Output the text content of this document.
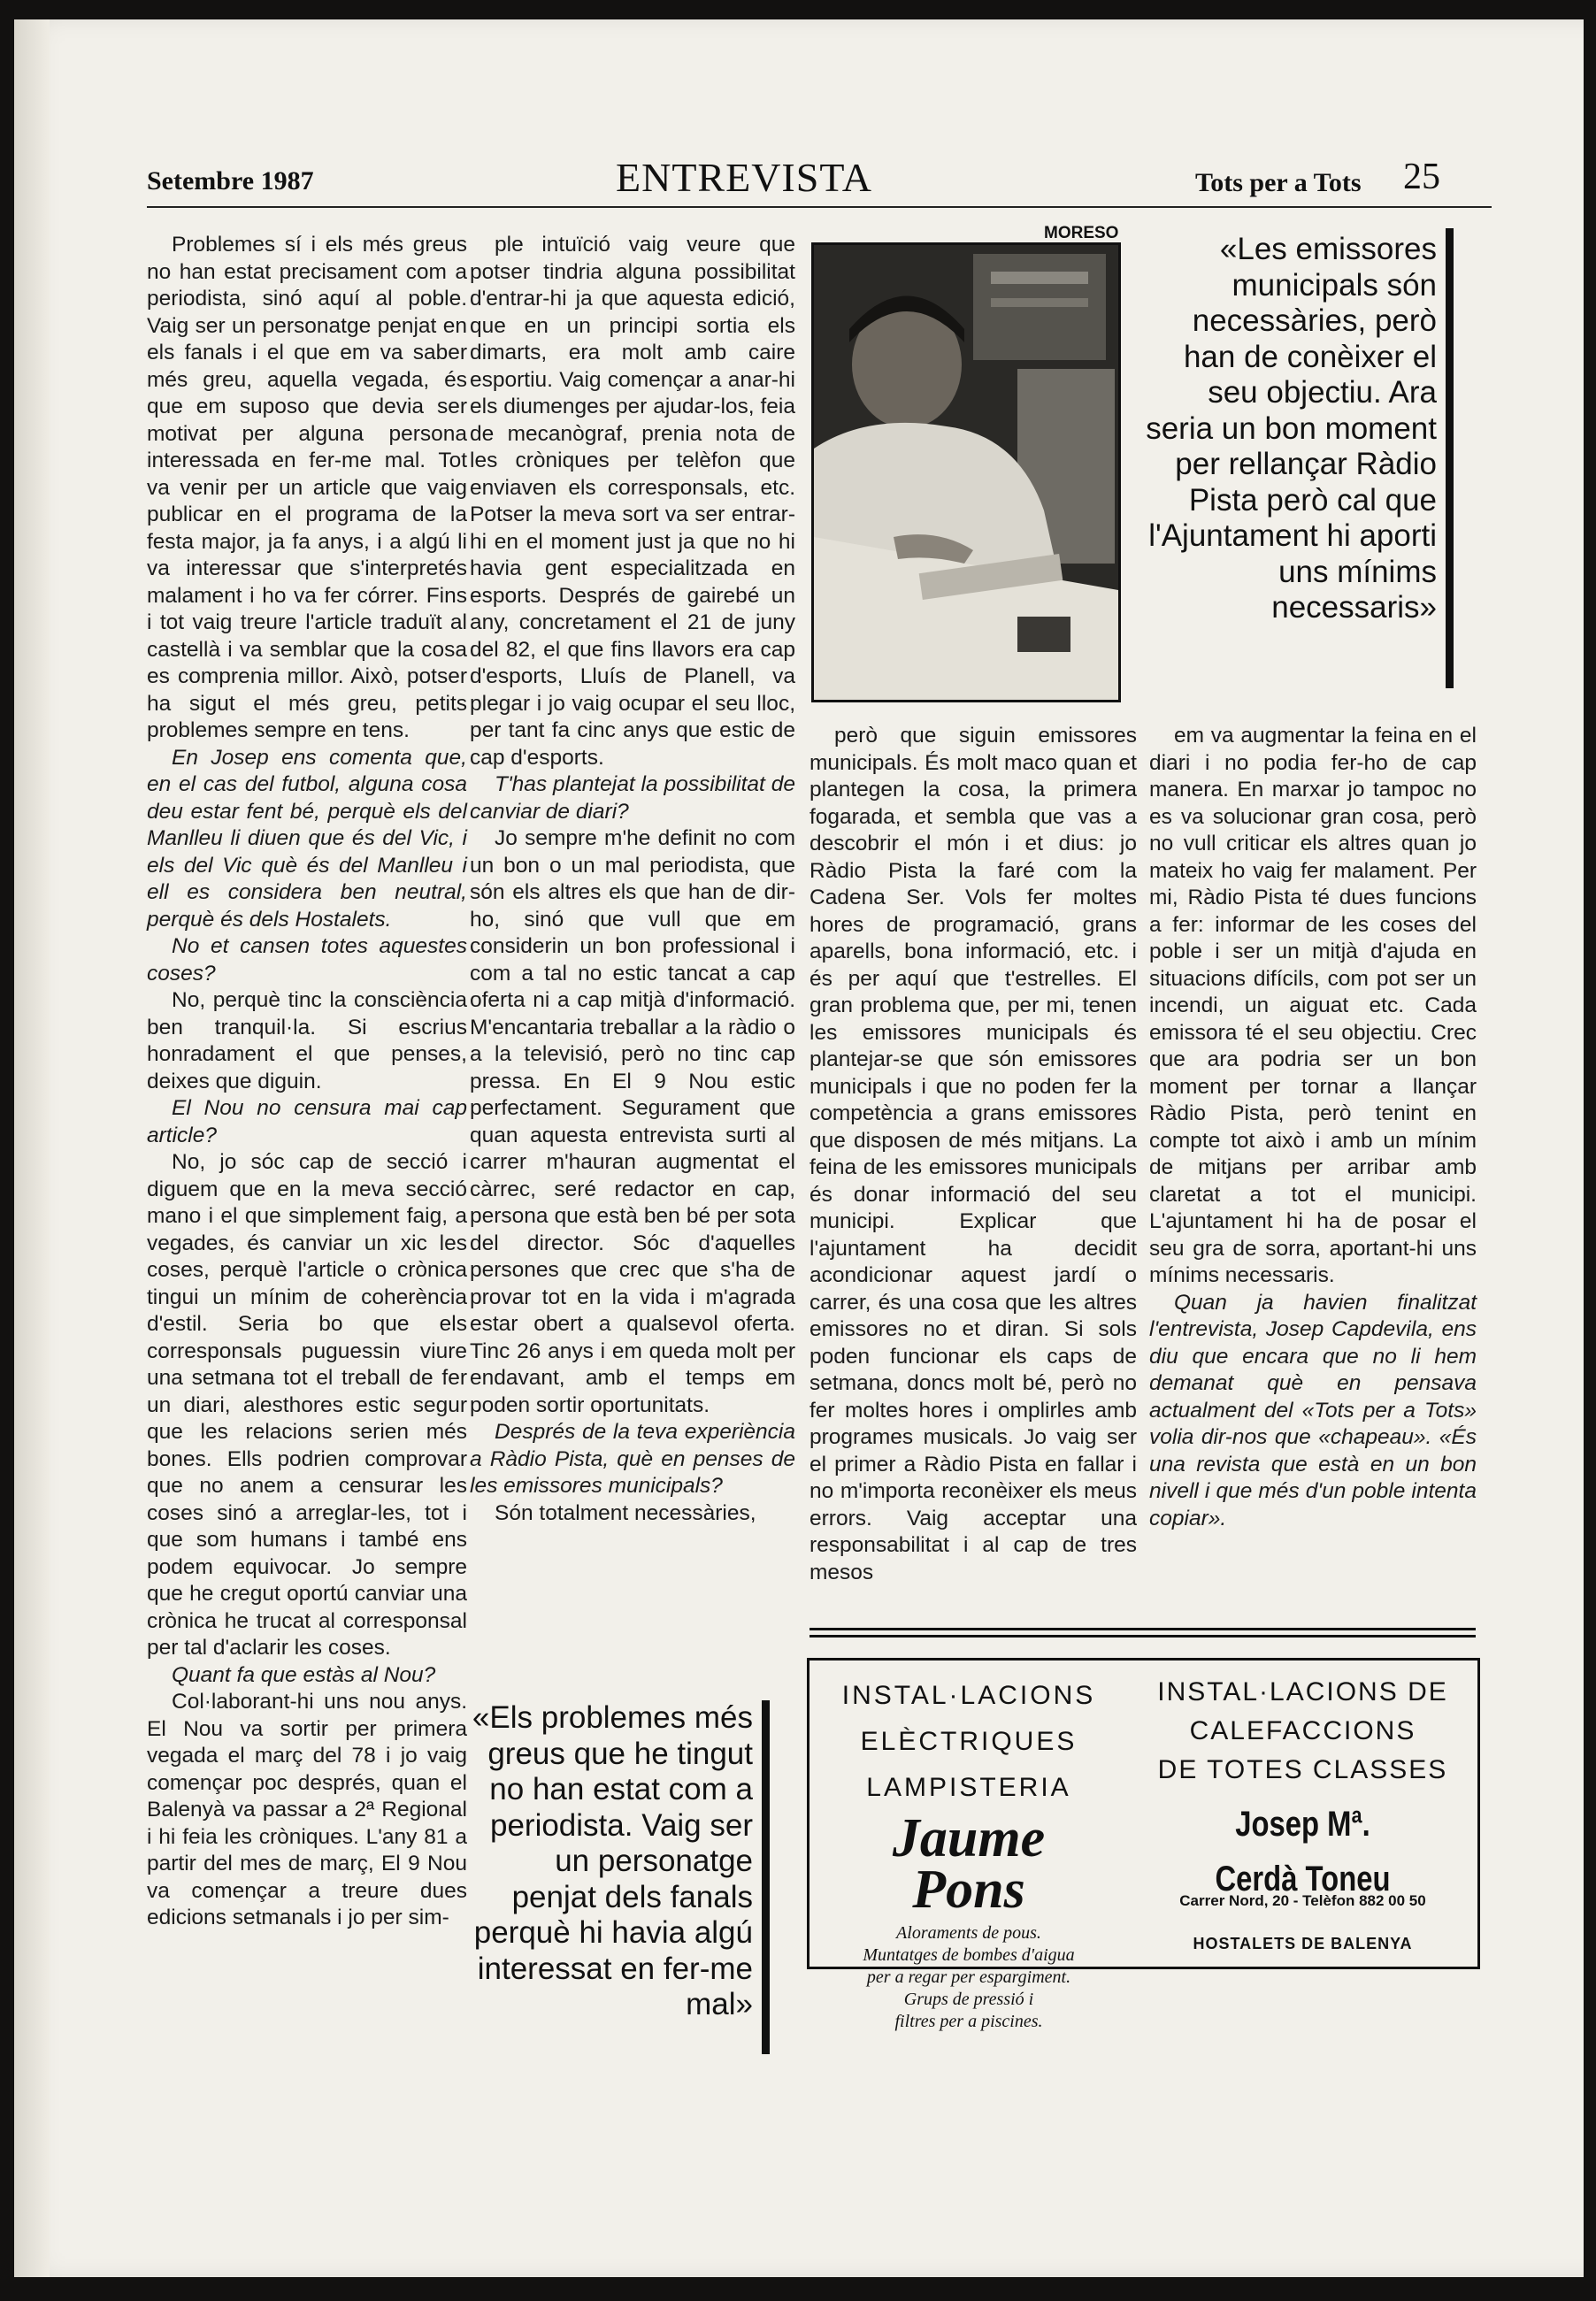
Setembre 1987	ENTREVISTA	Tots per a Tots 25

Problemes sí i els més greus no han estat precisament com a periodista, sinó aquí al poble. Vaig ser un personatge penjat en els fanals i el que em va saber més greu, aquella vegada, és que em suposo que devia ser motivat per alguna persona interessada en fer-me mal. Tot va venir per un article que vaig publicar en el programa de la festa major, ja fa anys, i a algú li va interessar que s'interpretés malament i ho va fer córrer. Fins i tot vaig treure l'article traduït al castellà i va semblar que la cosa es comprenia millor. Això, potser ha sigut el més greu, petits problemes sempre en tens.

En Josep ens comenta que, en el cas del futbol, alguna cosa deu estar fent bé, perquè els del Manlleu li diuen que és del Vic, i els del Vic què és del Manlleu i ell es considera ben neutral, perquè és dels Hostalets.

No et cansen totes aquestes coses?

No, perquè tinc la consciència ben tranquil·la. Si escrius honradament el que penses, deixes que diguin.

El Nou no censura mai cap article?

No, jo sóc cap de secció i diguem que en la meva secció mano i el que simplement faig, a vegades, és canviar un xic les coses, perquè l'article o crònica tingui un mínim de coherència d'estil. Seria bo que els corresponsals puguessin viure una setmana tot el treball de fer un diari, alesthores estic segur que les relacions serien més bones. Ells podrien comprovar que no anem a censurar les coses sinó a arreglar-les, tot i que som humans i també ens podem equivocar. Jo sempre que he cregut oportú canviar una crònica he trucat al corresponsal per tal d'aclarir les coses.

Quant fa que estàs al Nou?

Col·laborant-hi uns nou anys. El Nou va sortir per primera vegada el març del 78 i jo vaig començar poc després, quan el Balenyà va passar a 2ª Regional i hi feia les cròniques. L'any 81 a partir del mes de març, El 9 Nou va començar a treure dues edicions setmanals i jo per sim-

ple intuïció vaig veure que potser tindria alguna possibilitat d'entrar-hi ja que aquesta edició, que en un principi sortia els dimarts, era molt amb caire esportiu. Vaig començar a anar-hi els diumenges per ajudar-los, feia de mecanògraf, prenia nota de les cròniques per telèfon que enviaven els corresponsals, etc. Potser la meva sort va ser entrar-hi en el moment just ja que no hi havia gent especialitzada en esports. Després de gairebé un any, concretament el 21 de juny del 82, el que fins llavors era cap d'esports, Lluís de Planell, va plegar i jo vaig ocupar el seu lloc, per tant fa cinc anys que estic de cap d'esports.

T'has plantejat la possibilitat de canviar de diari?

Jo sempre m'he definit no com un bon o un mal periodista, que són els altres els que han de dir-ho, sinó que vull que em considerin un bon professional i com a tal no estic tancat a cap oferta ni a cap mitjà d'informació. M'encantaria treballar a la ràdio o a la televisió, però no tinc cap pressa. En El 9 Nou estic perfectament. Segurament que quan aquesta entrevista surti al carrer m'hauran augmentat el càrrec, seré redactor en cap, persona que està ben bé per sota del director. Sóc d'aquelles persones que crec que s'ha de provar tot en la vida i m'agrada estar obert a qualsevol oferta. Tinc 26 anys i em queda molt per endavant, amb el temps em poden sortir oportunitats.

Després de la teva experiència a Ràdio Pista, què en penses de les emissores municipals?

Són totalment necessàries,

MORESO	«Les emissores municipals són necessàries, però han de conèixer el seu objectiu. Ara seria un bon moment per rellançar Ràdio Pista però cal que l'Ajuntament hi aporti uns mínims necessaris»

però que siguin emissores municipals. És molt maco quan et plantegen la cosa, la primera fogarada, et sembla que vas a descobrir el món i et dius: jo Ràdio Pista la faré com la Cadena Ser. Vols fer moltes hores de programació, grans aparells, bona informació, etc. i és per aquí que t'estrelles. El gran problema que, per mi, tenen les emissores municipals és plantejar-se que són emissores municipals i que no poden fer la competència a grans emissores que disposen de més mitjans. La feina de les emissores municipals és donar informació del seu municipi. Explicar que l'ajuntament ha decidit acondicionar aquest jardí o carrer, és una cosa que les altres emissores no et diran. Si sols poden funcionar els caps de setmana, doncs molt bé, però no fer moltes hores i omplirles amb programes musicals. Jo vaig ser el primer a Ràdio Pista en fallar i no m'importa reconèixer els meus errors. Vaig acceptar una responsabilitat i al cap de tres mesos

em va augmentar la feina en el diari i no podia fer-ho de cap manera. En marxar jo tampoc no es va solucionar gran cosa, però no vull criticar els altres quan jo mateix ho vaig fer malament. Per mi, Ràdio Pista té dues funcions a fer: informar de les coses del poble i ser un mitjà d'ajuda en situacions difícils, com pot ser un incendi, un aiguat etc. Cada emissora té el seu objectiu. Crec que ara podria ser un bon moment per tornar a llançar Ràdio Pista, però tenint en compte tot això i amb un mínim de mitjans per arribar amb claretat a tot el municipi. L'ajuntament hi ha de posar el seu gra de sorra, aportant-hi uns mínims necessaris.

Quan ja havien finalitzat l'entrevista, Josep Capdevila, ens diu que encara que no li hem demanat què en pensava actualment del «Tots per a Tots» volia dir-nos que «chapeau». «És una revista que està en un bon nivell i que més d'un poble intenta copiar».

«Els problemes més greus que he tingut no han estat com a periodista. Vaig ser un personatge penjat dels fanals perquè hi havia algú interessat en fer-me mal»
INSTAL·LACIONS
ELÈCTRIQUES
LAMPISTERIA
Jaume
Pons
Aloraments de pous.
Muntatges de bombes d'aigua
per a regar per espargiment.
Grups de pressió i
filtres per a piscines.
INSTAL·LACIONS DE
CALEFACCIONS
DE TOTES CLASSES
Josep Mª.
Cerdà Toneu
Carrer Nord, 20 - Telèfon 882 00 50
HOSTALETS DE BALENYA
